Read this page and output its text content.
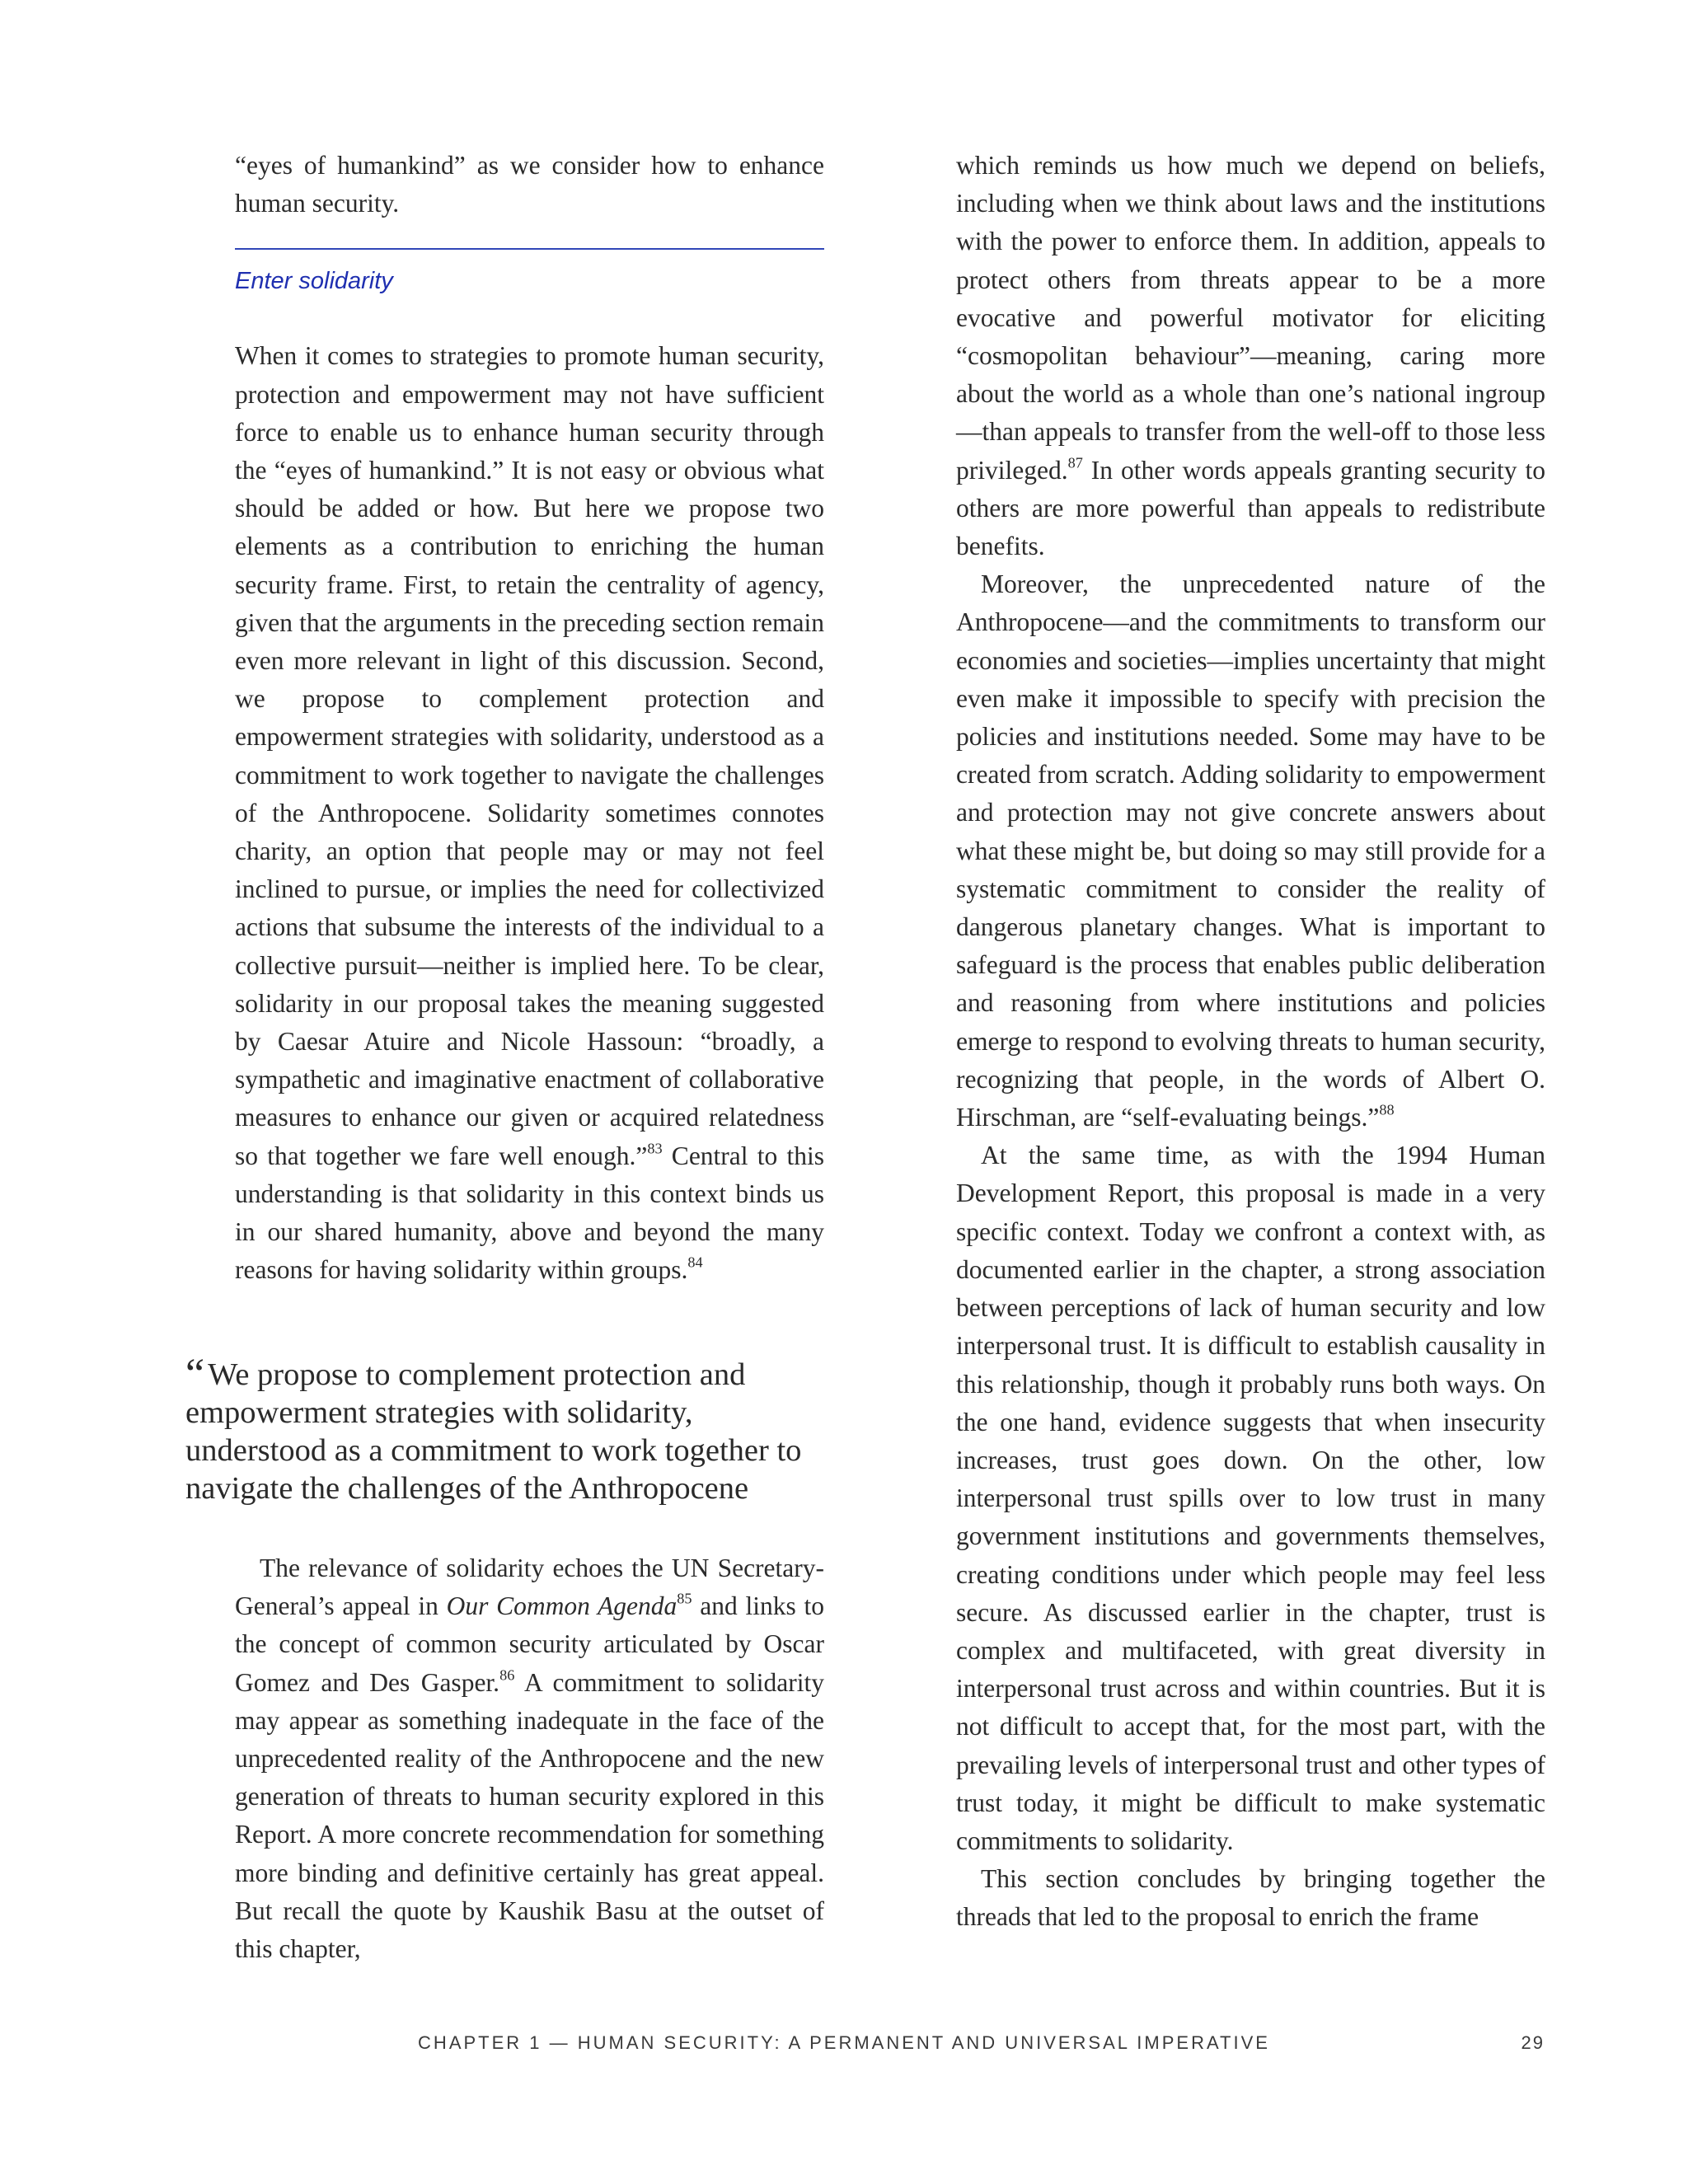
“eyes of humankind” as we consider how to enhance human security.

Enter solidarity

When it comes to strategies to promote human security, protection and empowerment may not have sufficient force to enable us to enhance human security through the “eyes of humankind.” It is not easy or obvious what should be added or how. But here we propose two elements as a contribution to enriching the human security frame. First, to retain the centrality of agency, given that the arguments in the preceding section remain even more relevant in light of this discussion. Second, we propose to complement protection and empowerment strategies with solidarity, understood as a commitment to work together to navigate the challenges of the Anthropocene. Solidarity sometimes connotes charity, an option that people may or may not feel inclined to pursue, or implies the need for collectivized actions that subsume the interests of the individual to a collective pursuit—neither is implied here. To be clear, solidarity in our proposal takes the meaning suggested by Caesar Atuire and Nicole Hassoun: “broadly, a sympathetic and imaginative enactment of collaborative measures to enhance our given or acquired relatedness so that together we fare well enough.”$^{83}$ Central to this understanding is that solidarity in this context binds us in our shared humanity, above and beyond the many reasons for having solidarity within groups.$^{84}$

“ We propose to complement protection and empowerment strategies with solidarity, understood as a commitment to work together to navigate the challenges of the Anthropocene

The relevance of solidarity echoes the UN Secretary-General’s appeal in Our Common Agenda$^{85}$ and links to the concept of common security articulated by Oscar Gomez and Des Gasper.$^{86}$ A commitment to solidarity may appear as something inadequate in the face of the unprecedented reality of the Anthropocene and the new generation of threats to human security explored in this Report. A more concrete recommendation for something more binding and definitive certainly has great appeal. But recall the quote by Kaushik Basu at the outset of this chapter,

which reminds us how much we depend on beliefs, including when we think about laws and the institutions with the power to enforce them. In addition, appeals to protect others from threats appear to be a more evocative and powerful motivator for eliciting “cosmopolitan behaviour”—meaning, caring more about the world as a whole than one’s national ingroup—than appeals to transfer from the well-off to those less privileged.$^{87}$ In other words appeals granting security to others are more powerful than appeals to redistribute benefits.

Moreover, the unprecedented nature of the Anthropocene—and the commitments to transform our economies and societies—implies uncertainty that might even make it impossible to specify with precision the policies and institutions needed. Some may have to be created from scratch. Adding solidarity to empowerment and protection may not give concrete answers about what these might be, but doing so may still provide for a systematic commitment to consider the reality of dangerous planetary changes. What is important to safeguard is the process that enables public deliberation and reasoning from where institutions and policies emerge to respond to evolving threats to human security, recognizing that people, in the words of Albert O. Hirschman, are “self-evaluating beings.”$^{88}$

At the same time, as with the 1994 Human Development Report, this proposal is made in a very specific context. Today we confront a context with, as documented earlier in the chapter, a strong association between perceptions of lack of human security and low interpersonal trust. It is difficult to establish causality in this relationship, though it probably runs both ways. On the one hand, evidence suggests that when insecurity increases, trust goes down. On the other, low interpersonal trust spills over to low trust in many government institutions and governments themselves, creating conditions under which people may feel less secure. As discussed earlier in the chapter, trust is complex and multifaceted, with great diversity in interpersonal trust across and within countries. But it is not difficult to accept that, for the most part, with the prevailing levels of interpersonal trust and other types of trust today, it might be difficult to make systematic commitments to solidarity.

This section concludes by bringing together the threads that led to the proposal to enrich the frame

CHAPTER 1 — HUMAN SECURITY: A PERMANENT AND UNIVERSAL IMPERATIVE	29
